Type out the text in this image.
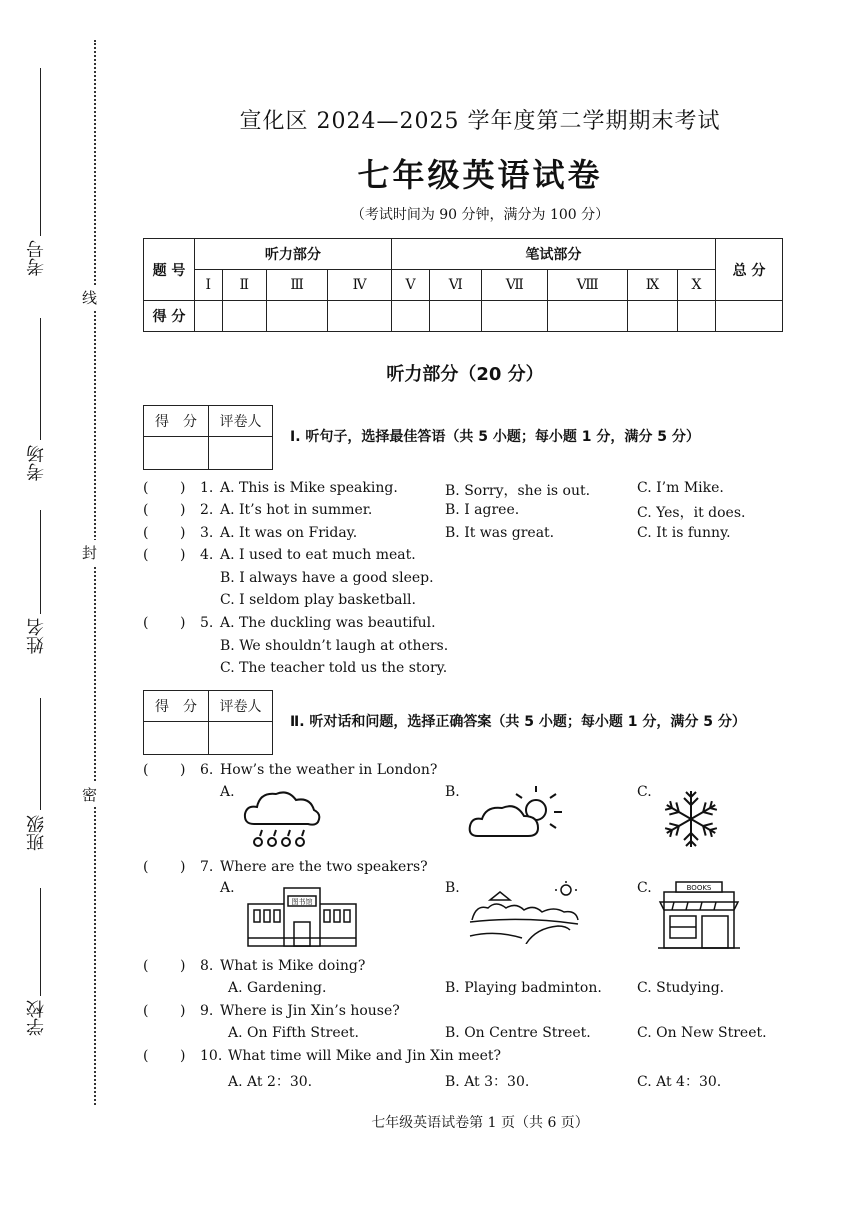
线
封
密
考号
考场
姓名
班级
学校
宣化区 2024—2025 学年度第二学期期末考试
七年级英语试卷
（考试时间为 90 分钟，满分为 100 分）
题 号	听力部分				笔试部分						总 分
	Ⅰ	Ⅱ	Ⅲ	Ⅳ	Ⅴ	Ⅵ	Ⅶ	Ⅷ	Ⅸ	Ⅹ	
得 分											
听力部分（20 分）
得　分	评卷人

Ⅰ. 听句子，选择最佳答语（共 5 小题；每小题 1 分，满分 5 分）
( ) 1. A. This is Mike speaking.	B. Sorry，she is out.	C. I’m Mike.
( ) 2. A. It’s hot in summer.	B. I agree.	C. Yes，it does.
( ) 3. A. It was on Friday.	B. It was great.	C. It is funny.
( ) 4. A. I used to eat much meat.
B. I always have a good sleep.
C. I seldom play basketball.
( ) 5. A. The duckling was beautiful.
B. We shouldn’t laugh at others.
C. The teacher told us the story.
得　分	评卷人

Ⅱ. 听对话和问题，选择正确答案（共 5 小题；每小题 1 分，满分 5 分）
( ) 6. How’s the weather in London?
A.	B.	C.
( ) 7. Where are the two speakers?
A.	B.	C.
图书馆
BOOKS
( ) 8. What is Mike doing?
A. Gardening.	B. Playing badminton.	C. Studying.
( ) 9. Where is Jin Xin’s house?
A. On Fifth Street.	B. On Centre Street.	C. On New Street.
( ) 10. What time will Mike and Jin Xin meet?
A. At 2：30.	B. At 3：30.	C. At 4：30.
七年级英语试卷第 1 页（共 6 页）
